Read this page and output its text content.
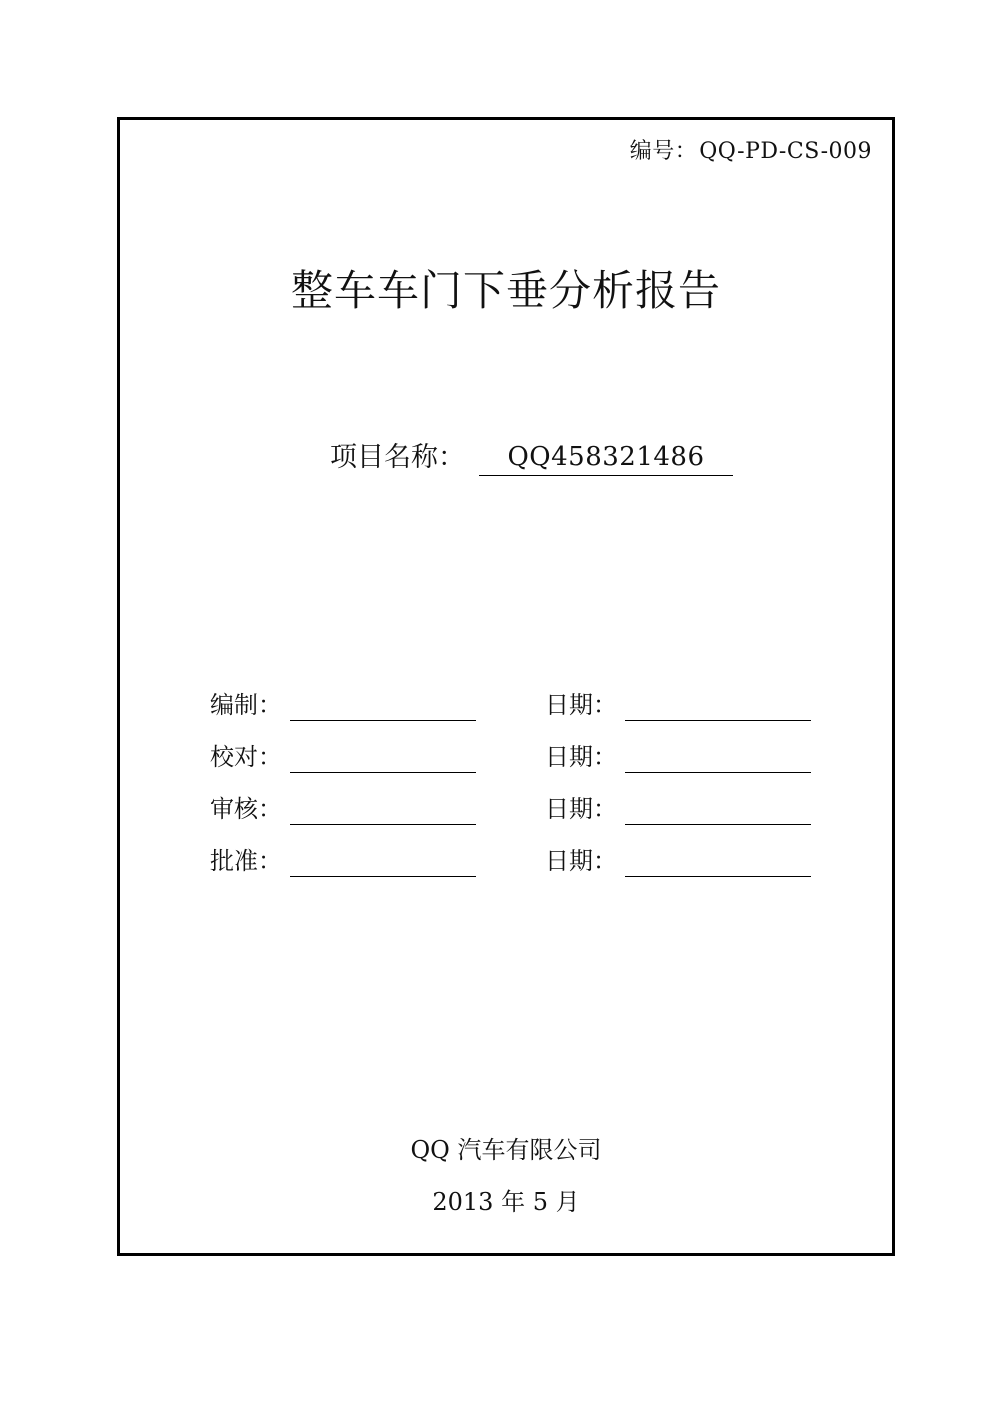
编号：QQ-PD-CS-009
整车车门下垂分析报告
项目名称：	QQ458321486
编制：	日期：
校对：	日期：
审核：	日期：
批准：	日期：
QQ 汽车有限公司
2013 年 5 月
